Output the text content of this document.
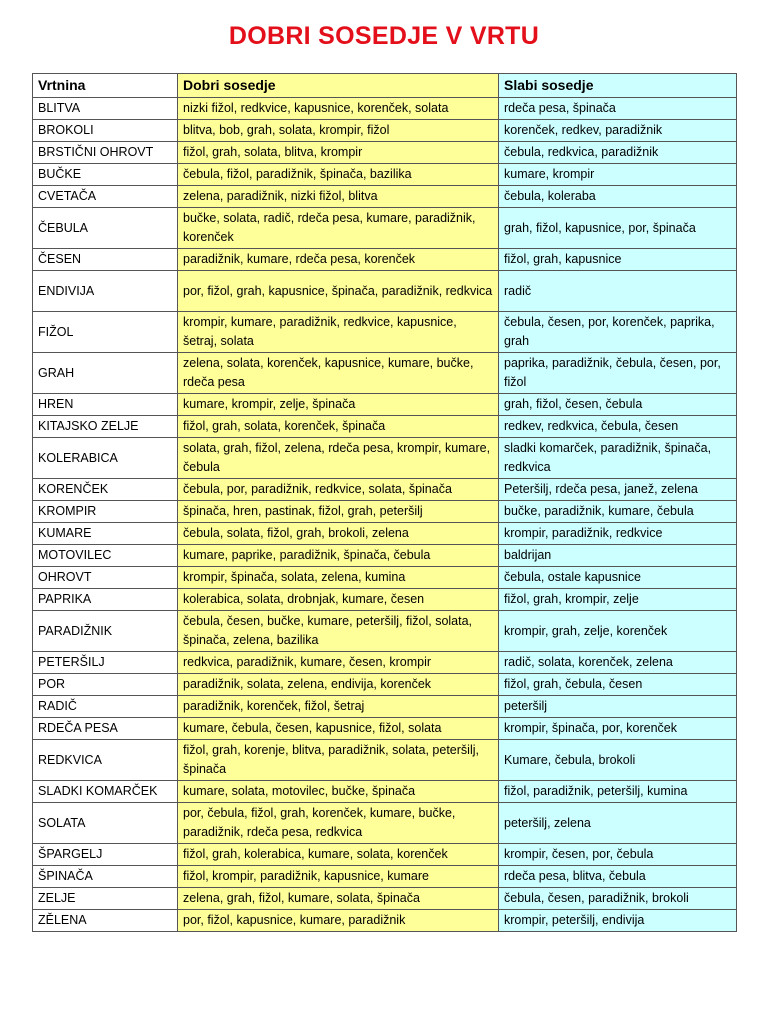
DOBRI SOSEDJE V VRTU
Vrtnina	Dobri sosedje	Slabi sosedje
BLITVA	nizki fižol, redkvice, kapusnice, korenček, solata	rdeča pesa, špinača
BROKOLI	blitva, bob, grah, solata, krompir, fižol	korenček, redkev, paradižnik
BRSTIČNI OHROVT	fižol, grah, solata, blitva, krompir	čebula, redkvica, paradižnik
BUČKE	čebula, fižol, paradižnik, špinača, bazilika	kumare, krompir
CVETAČA	zelena, paradižnik, nizki fižol, blitva	čebula, koleraba
ČEBULA	bučke, solata, radič, rdeča pesa, kumare, paradižnik, korenček	grah, fižol, kapusnice, por, špinača
ČESEN	paradižnik, kumare, rdeča pesa, korenček	fižol, grah, kapusnice
ENDIVIJA	por, fižol, grah, kapusnice, špinača, paradižnik, redkvica	radič
FIŽOL	krompir, kumare, paradižnik, redkvice, kapusnice, šetraj, solata	čebula, česen, por, korenček, paprika, grah
GRAH	zelena, solata, korenček, kapusnice, kumare, bučke, rdeča pesa	paprika, paradižnik, čebula, česen, por, fižol
HREN	kumare, krompir, zelje, špinača	grah, fižol, česen, čebula
KITAJSKO ZELJE	fižol, grah, solata, korenček, špinača	redkev, redkvica, čebula, česen
KOLERABICA	solata, grah, fižol, zelena, rdeča pesa, krompir, kumare, čebula	sladki komarček, paradižnik, špinača, redkvica
KORENČEK	čebula, por, paradižnik, redkvice, solata, špinača	Peteršilj, rdeča pesa, janež, zelena
KROMPIR	špinača, hren, pastinak, fižol, grah, peteršilj	bučke, paradižnik, kumare, čebula
KUMARE	čebula, solata, fižol, grah, brokoli, zelena	krompir, paradižnik, redkvice
MOTOVILEC	kumare, paprike, paradižnik, špinača, čebula	baldrijan
OHROVT	krompir, špinača, solata, zelena, kumina	čebula, ostale kapusnice
PAPRIKA	kolerabica, solata, drobnjak, kumare, česen	fižol, grah, krompir, zelje
PARADIŽNIK	čebula, česen, bučke, kumare, peteršilj, fižol, solata, špinača, zelena, bazilika	krompir, grah, zelje, korenček
PETERŠILJ	redkvica, paradižnik, kumare, česen, krompir	radič, solata, korenček, zelena
POR	paradižnik, solata, zelena, endivija, korenček	fižol, grah, čebula, česen
RADIČ	paradižnik, korenček, fižol, šetraj	peteršilj
RDEČA PESA	kumare, čebula, česen, kapusnice, fižol, solata	krompir, špinača, por, korenček
REDKVICA	fižol, grah, korenje, blitva, paradižnik, solata, peteršilj, špinača	Kumare, čebula, brokoli
SLADKI KOMARČEK	kumare, solata, motovilec, bučke, špinača	fižol, paradižnik, peteršilj, kumina
SOLATA	por, čebula, fižol, grah, korenček, kumare, bučke, paradižnik, rdeča pesa, redkvica	peteršilj, zelena
ŠPARGELJ	fižol, grah, kolerabica, kumare, solata, korenček	krompir, česen, por, čebula
ŠPINAČA	fižol, krompir, paradižnik, kapusnice, kumare	rdeča pesa, blitva, čebula
ZELJE	zelena, grah, fižol, kumare, solata, špinača	čebula, česen, paradižnik, brokoli
ZĚLENA	por, fižol, kapusnice, kumare, paradižnik	krompir, peteršilj, endivija
